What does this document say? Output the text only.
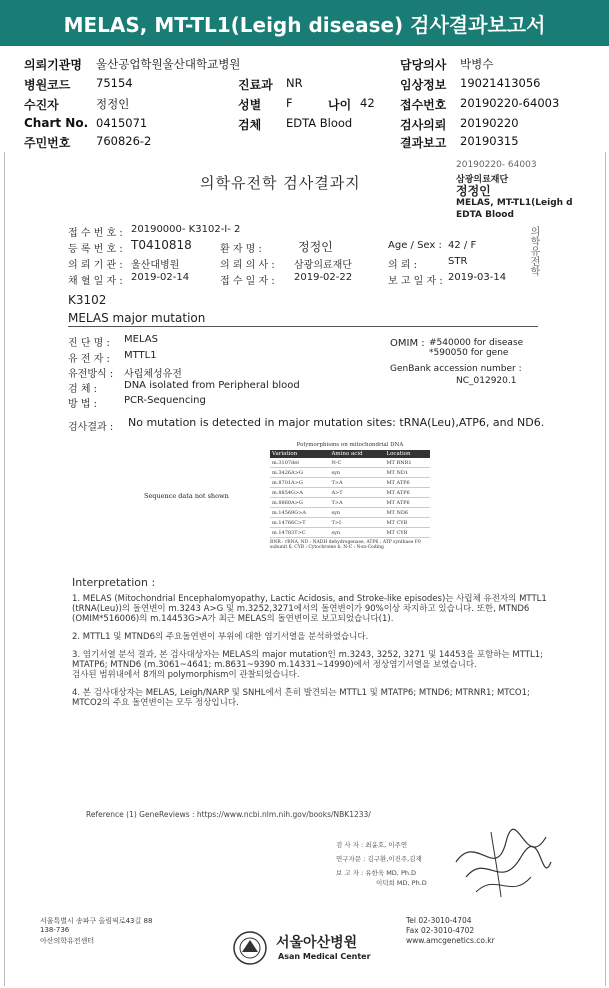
MELAS, MT-TL1(Leigh disease) 검사결과보고서
의뢰기관명 울산공업학원울산대학교병원
병원코드 75154
수진자	정정인
Chart No. 0415071
주민번호 760826-2
진료과 NR
성별 F	나이 42
검체 EDTA Blood
담당의사 박병수
임상정보 19021413056
접수번호 20190220-64003
검사의뢰 20190220
결과보고 20190315
의학유전학 검사결과지
20190220- 64003
삼광의료재단
정정인
MELAS, MT-TL1(Leigh d
EDTA Blood
의학유전학
접 수 번 호 : 20190000- K3102-I- 2
등 록 번 호 : T0410818	환 자 명 :	정정인	Age / Sex : 42 / F
의 뢰 기 관 : 울산대병원	의 뢰 의 사 : 삼광의료재단	의 뢰 :	STR
채 혈 일 자 : 2019-02-14	접 수 일 자 : 2019-02-22	보 고 일 자 : 2019-03-14
K3102
MELAS major mutation
진 단 명 : MELAS
유 전 자 : MTTL1
유전방식 : 사립체성유전
검 체 :	DNA isolated from Peripheral blood
방 법 :	PCR-Sequencing
OMIM : #540000 for disease
*590050 for gene
GenBank accession number :
NC_012920.1
검사결과 : No mutation is detected in major mutation sites: tRNA(Leu),ATP6, and ND6.
Sequence data not shown
Polymorphisms on mitochondrial DNA
Variation	Amino acid	Location
m.3107del	N-C	MT RNR1
m.3426A>G	syn	MT ND1
m.8701A>G	T>A	MT ATP6
m.8854G>A	A>T	MT ATP6
m.8860A>G	T>A	MT ATP6
m.14569G>A	syn	MT ND6
m.14766C>T	T>I	MT CYB
m.14783T>C	syn	MT CYB
RNR : rRNA, ND : NADH dehydrogenase, ATP6 : ATP synthase F0 subunit 6, CYB : Cytochrome b, N-C : Non-Coding
Interpretation :

1. MELAS (Mitochondrial Encephalomyopathy, Lactic Acidosis, and Stroke-like episodes)는 사립체 유전자의 MTTL1 (tRNA(Leu))의 돌연변이 m.3243 A>G 및 m.3252,3271에서의 돌연변이가 90%이상 차지하고 있습니다. 또한, MTND6 (OMIM*516006)의 m.14453G>A가 최근 MELAS의 돌연변이로 보고되었습니다(1).

2. MTTL1 및 MTND6의 주요돌연변이 부위에 대한 염기서열을 분석하였습니다.

3. 염기서열 분석 결과, 본 검사대상자는 MELAS의 major mutation인 m.3243, 3252, 3271 및 14453을 포함하는 MTTL1; MTATP6; MTND6 (m.3061~4641; m.8631~9390 m.14331~14990)에서 정상염기서열을 보였습니다.

검사된 범위내에서 8개의 polymorphism이 관찰되었습니다.

4. 본 검사대상자는 MELAS, Leigh/NARP 및 SNHL에서 흔히 발견되는 MTTL1 및 MTATP6; MTND6; MTRNR1; MTCO1; MTCO2의 주요 돌연변이는 모두 정상입니다.

Reference (1) GeneReviews : https://www.ncbi.nlm.nih.gov/books/NBK1233/
검 사 자 : 최윤호, 이주연
연구자문 : 김구환,이진주,김재
보 고 자 : 유한욱 MD, Ph.D
이덕희 MD, Ph.D
서울특별시 송파구 올림픽로43길 88
138-736
아산의학유전센터	서울아산병원
Asan Medical Center
Tel 02-3010-4704
Fax 02-3010-4702
www.amcgenetics.co.kr
